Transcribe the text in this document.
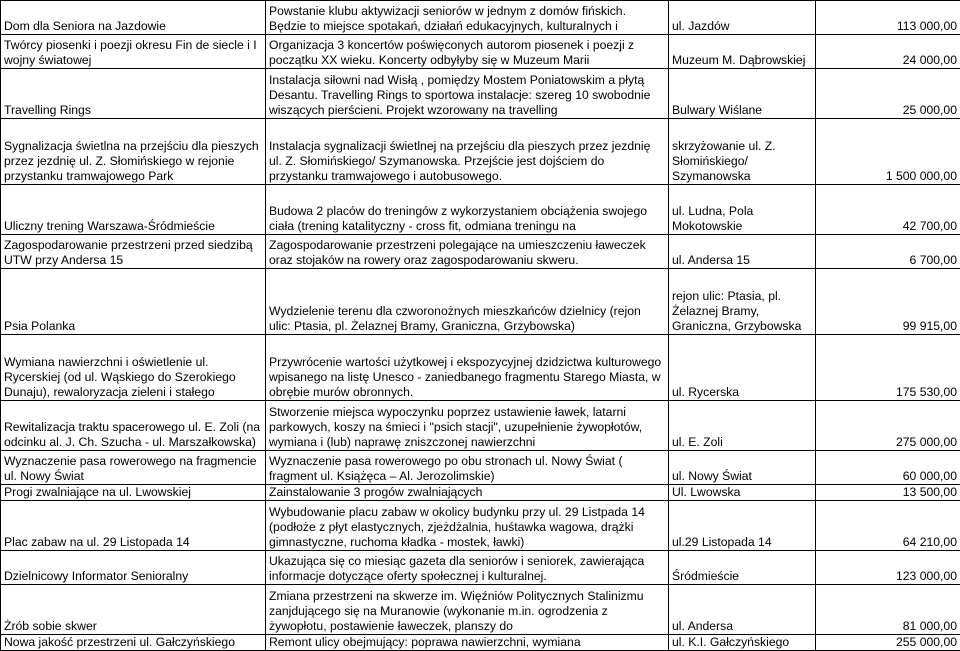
Dom dla Seniora na Jazdowie	Powstanie klubu aktywizacji seniorów w jednym z domów fińskich. Będzie to miejsce spotakań, działań edukacyjnych, kulturalnych i	ul. Jazdów	113 000,00
Twórcy piosenki i poezji okresu Fin de siecle i I wojny światowej	Organizacja 3 koncertów poświęconych autorom piosenek i poezji z początku XX wieku. Koncerty odbyłyby się w Muzeum Marii	Muzeum M. Dąbrowskiej	24 000,00
Travelling Rings	Instalacja siłowni nad Wisłą , pomiędzy Mostem Poniatowskim a płytą Desantu. Travelling Rings to sportowa instalacje: szereg 10 swobodnie wiszących pierścieni. Projekt wzorowany na travelling	Bulwary Wiślane	25 000,00
Sygnalizacja świetlna na przejściu dla pieszych przez jezdnię ul. Z. Słomińskiego w rejonie przystanku tramwajowego Park	Instalacja sygnalizacji świetlnej na przejściu dla pieszych przez jezdnię ul. Z. Słomińskiego/ Szymanowska. Przejście jest dojściem do przystanku tramwajowego i autobusowego.	skrzyżowanie ul. Z. Słomińskiego/ Szymanowska	1 500 000,00
Uliczny trening Warszawa-Śródmieście	Budowa 2 placów do treningów z wykorzystaniem obciążenia swojego ciała (trening katalityczny - cross fit, odmiana treningu na	ul. Ludna, Pola Mokotowskie	42 700,00
Zagospodarowanie przestrzeni przed siedzibą UTW przy Andersa 15	Zagospodarowanie przestrzeni polegające na umieszczeniu ławeczek oraz stojaków na rowery oraz zagospodarowaniu skweru.	ul. Andersa 15	6 700,00
Psia Polanka	Wydzielenie terenu dla czworonożnych mieszkańców dzielnicy (rejon ulic: Ptasia, pl. Żelaznej Bramy, Graniczna, Grzybowska)	rejon ulic: Ptasia, pl. Żelaznej Bramy, Graniczna, Grzybowska	99 915,00
Wymiana nawierzchni i oświetlenie ul. Rycerskiej (od ul. Wąskiego do Szerokiego Dunaju), rewaloryzacja zieleni i stałego	Przywrócenie wartości użytkowej i ekspozycyjnej dzidzictwa kulturowego wpisanego na listę Unesco - zaniedbanego fragmentu Starego Miasta, w obrębie murów obronnych.	ul. Rycerska	175 530,00
Rewitalizacja traktu spacerowego ul. E. Zoli (na odcinku al. J. Ch. Szucha - ul. Marszałkowska)	Stworzenie miejsca wypoczynku poprzez ustawienie ławek, latarni parkowych, koszy na śmieci i "psich stacji", uzupełnienie żywopłotów, wymiana i (lub) naprawę zniszczonej nawierzchni	ul. E. Zoli	275 000,00
Wyznaczenie pasa rowerowego na fragmencie ul. Nowy Świat	Wyznaczenie pasa rowerowego po obu stronach ul. Nowy Świat ( fragment ul. Książęca – Al. Jerozolimskie)	ul. Nowy Świat	60 000,00
Progi zwalniające na ul. Lwowskiej	Zainstalowanie 3 progów zwalniających	Ul. Lwowska	13 500,00
Plac zabaw na ul. 29 Listopada 14	Wybudowanie placu zabaw w okolicy budynku przy ul. 29 Listpada 14 (podłoże z płyt elastycznych, zjeżdżalnia, huśtawka wagowa, drążki gimnastyczne, ruchoma kładka - mostek, ławki)	ul.29 Listopada 14	64 210,00
Dzielnicowy Informator Senioralny	Ukazująca się co miesiąc gazeta dla seniorów i seniorek, zawierająca informacje dotyczące oferty społecznej i kulturalnej.	Śródmieście	123 000,00
Żrób sobie skwer	Zmiana przestrzeni na skwerze im. Więźniów Politycznych Stalinizmu zanjdującego się na Muranowie (wykonanie m.in. ogrodzenia z żywopłotu, postawienie ławeczek, planszy do	ul. Andersa	81 000,00
Nowa jakość przestrzeni ul. Gałczyńskiego	Remont ulicy obejmujący: poprawa nawierzchni, wymiana	ul. K.I. Gałczyńskiego	255 000,00
